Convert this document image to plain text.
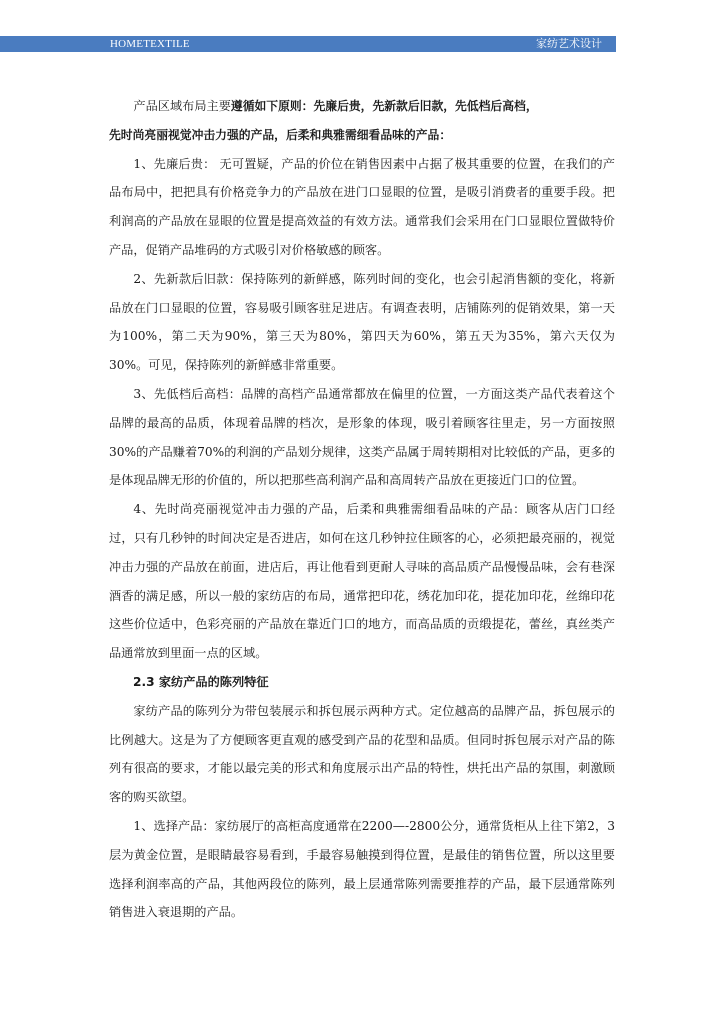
HOMETEXTILE	家纺艺术设计

产品区域布局主要遵循如下原则：先廉后贵，先新款后旧款，先低档后高档，

先时尚亮丽视觉冲击力强的产品，后柔和典雅需细看品味的产品：

1、先廉后贵： 无可置疑，产品的价位在销售因素中占据了极其重要的位置，在我们的产品布局中，把把具有价格竞争力的产品放在进门口显眼的位置，是吸引消费者的重要手段。把利润高的产品放在显眼的位置是提高效益的有效方法。通常我们会采用在门口显眼位置做特价产品，促销产品堆码的方式吸引对价格敏感的顾客。

2、先新款后旧款：保持陈列的新鲜感，陈列时间的变化，也会引起消售额的变化，将新品放在门口显眼的位置，容易吸引顾客驻足进店。有调查表明，店铺陈列的促销效果，第一天为100%，第二天为90%，第三天为80%，第四天为60%，第五天为35%，第六天仅为30%。可见，保持陈列的新鲜感非常重要。

3、先低档后高档：品牌的高档产品通常都放在偏里的位置，一方面这类产品代表着这个品牌的最高的品质，体现着品牌的档次，是形象的体现，吸引着顾客往里走，另一方面按照30%的产品赚着70%的利润的产品划分规律，这类产品属于周转期相对比较低的产品，更多的是体现品牌无形的价值的，所以把那些高利润产品和高周转产品放在更接近门口的位置。

4、先时尚亮丽视觉冲击力强的产品，后柔和典雅需细看品味的产品：顾客从店门口经过，只有几秒钟的时间决定是否进店，如何在这几秒钟拉住顾客的心，必须把最亮丽的，视觉冲击力强的产品放在前面，进店后，再让他看到更耐人寻味的高品质产品慢慢品味，会有巷深酒香的满足感，所以一般的家纺店的布局，通常把印花，绣花加印花，提花加印花，丝绵印花这些价位适中，色彩亮丽的产品放在靠近门口的地方，而高品质的贡缎提花，蕾丝，真丝类产品通常放到里面一点的区域。

2.3 家纺产品的陈列特征

家纺产品的陈列分为带包装展示和拆包展示两种方式。定位越高的品牌产品，拆包展示的比例越大。这是为了方便顾客更直观的感受到产品的花型和品质。但同时拆包展示对产品的陈列有很高的要求，才能以最完美的形式和角度展示出产品的特性，烘托出产品的氛围，刺激顾客的购买欲望。

1、选择产品：家纺展厅的高柜高度通常在2200—-2800公分，通常货柜从上往下第2，3层为黄金位置，是眼睛最容易看到，手最容易触摸到得位置，是最佳的销售位置，所以这里要选择利润率高的产品，其他两段位的陈列，最上层通常陈列需要推荐的产品，最下层通常陈列销售进入衰退期的产品。
